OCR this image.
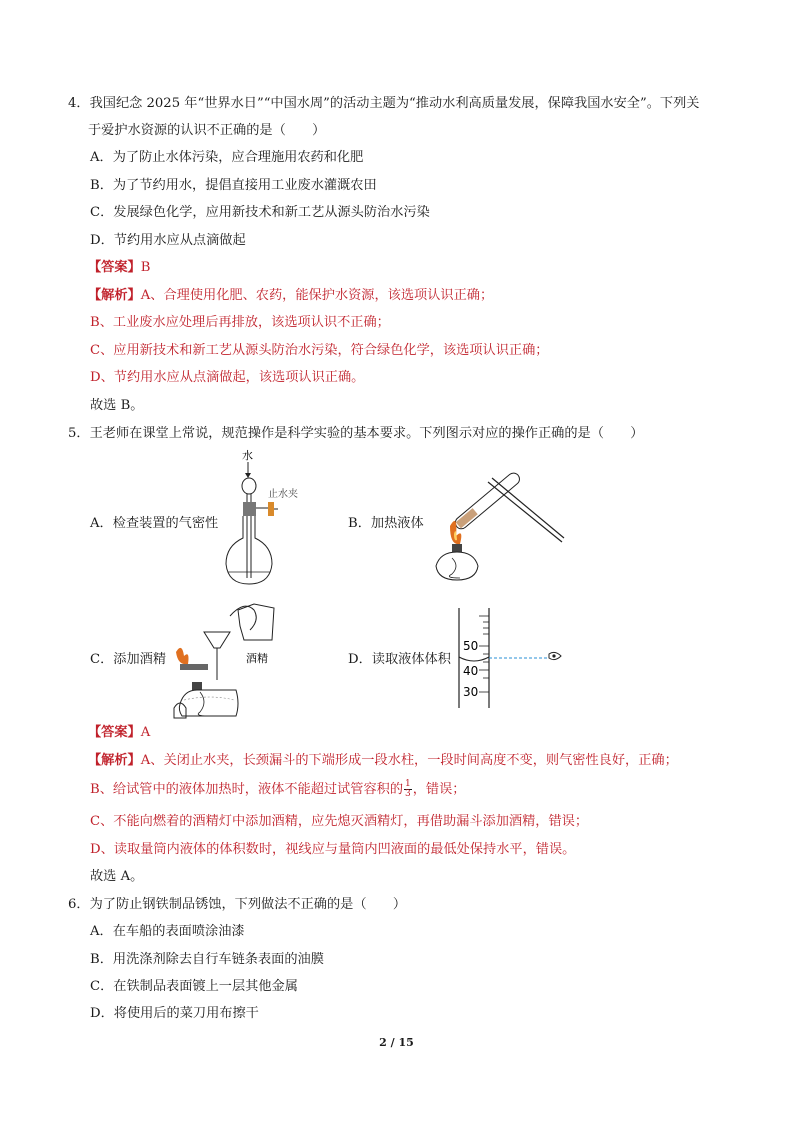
4．我国纪念 2025 年“世界水日”“中国水周”的活动主题为“推动水利高质量发展，保障我国水安全”。下列关
于爱护水资源的认识不正确的是（　　）
A．为了防止水体污染，应合理施用农药和化肥
B．为了节约用水，提倡直接用工业废水灌溉农田
C．发展绿色化学，应用新技术和新工艺从源头防治水污染
D．节约用水应从点滴做起
【答案】B
【解析】A、合理使用化肥、农药，能保护水资源，该选项认识正确；
B、工业废水应处理后再排放，该选项认识不正确；
C、应用新技术和新工艺从源头防治水污染，符合绿色化学，该选项认识正确；
D、节约用水应从点滴做起，该选项认识正确。
故选 B。
5．王老师在课堂上常说，规范操作是科学实验的基本要求。下列图示对应的操作正确的是（　　）
A．检查装置的气密性	B．加热液体
C．添加酒精	D．读取液体体积
水
止水夹
酒精
50
40
30
【答案】A
【解析】A、关闭止水夹，长颈漏斗的下端形成一段水柱，一段时间高度不变，则气密性良好，正确；
B、给试管中的液体加热时，液体不能超过试管容积的 $\frac{1}{3}$ ，错误；
C、不能向燃着的酒精灯中添加酒精，应先熄灭酒精灯，再借助漏斗添加酒精，错误；
D、读取量筒内液体的体积数时，视线应与量筒内凹液面的最低处保持水平，错误。
故选 A。
6．为了防止钢铁制品锈蚀，下列做法不正确的是（　　）
A．在车船的表面喷涂油漆
B．用洗涤剂除去自行车链条表面的油膜
C．在铁制品表面镀上一层其他金属
D．将使用后的菜刀用布擦干
2 / 15
